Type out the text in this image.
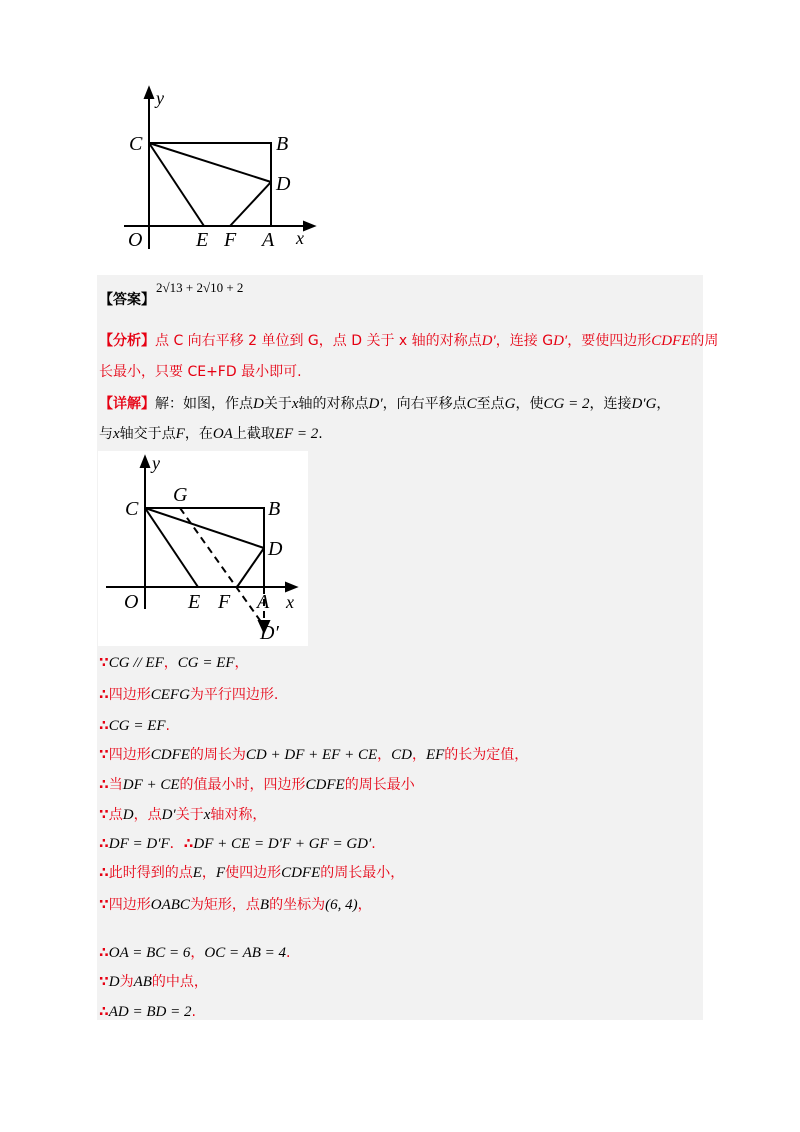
y
C	B
D
O	E F A x
【答案】
2√13 + 2√10 + 2
【分析】点 C 向右平移 2 单位到 G，点 D 关于 x 轴的对称点D′，连接 GD′，要使四边形CDFE的周
长最小，只要 CE+FD 最小即可.
【详解】解：如图，作点D关于x轴的对称点D′，向右平移点C至点G，使CG = 2，连接D′G，
与x轴交于点F，在OA上截取EF = 2.
y
G
C	B
D
O E F A x
D′
∵CG // EF，CG = EF，
∴四边形CEFG为平行四边形.
∴CG = EF.
∵四边形CDFE的周长为CD + DF + EF + CE，CD，EF的长为定值，
∴当DF + CE的值最小时，四边形CDFE的周长最小
∵点D，点D′关于x轴对称，
∴DF = D′F．∴DF + CE = D′F + GF = GD′.
∴此时得到的点E，F使四边形CDFE的周长最小，
∵四边形OABC为矩形，点B的坐标为(6, 4)，
∴OA = BC = 6，OC = AB = 4.
∵D为AB的中点，
∴AD = BD = 2.
